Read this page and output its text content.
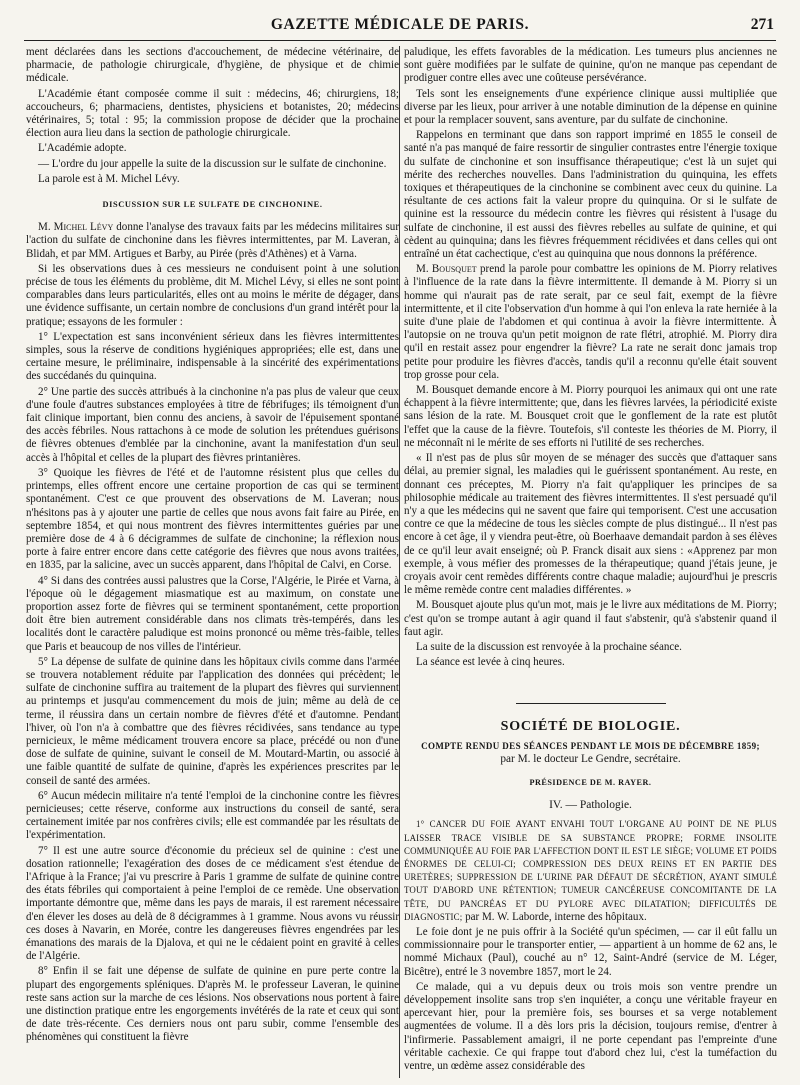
GAZETTE MÉDICALE DE PARIS.	271

ment déclarées dans les sections d'accouchement, de médecine vétérinaire, de pharmacie, de pathologie chirurgicale, d'hygiène, de physique et de chimie médicale.

L'Académie étant composée comme il suit : médecins, 46; chirurgiens, 18; accoucheurs, 6; pharmaciens, dentistes, physiciens et botanistes, 20; médecins vétérinaires, 5; total : 95; la commission propose de décider que la prochaine élection aura lieu dans la section de pathologie chirurgicale.

L'Académie adopte.

— L'ordre du jour appelle la suite de la discussion sur le sulfate de cinchonine.

La parole est à M. Michel Lévy.

DISCUSSION SUR LE SULFATE DE CINCHONINE.

M. Michel Lévy donne l'analyse des travaux faits par les médecins militaires sur l'action du sulfate de cinchonine dans les fièvres intermittentes, par M. Laveran, à Blidah, et par MM. Artigues et Barby, au Pirée (près d'Athènes) et à Varna.

Si les observations dues à ces messieurs ne conduisent point à une solution précise de tous les éléments du problème, dit M. Michel Lévy, si elles ne sont point comparables dans leurs particularités, elles ont au moins le mérite de dégager, dans une évidence suffisante, un certain nombre de conclusions d'un grand intérêt pour la pratique; essayons de les formuler :

1° L'expectation est sans inconvénient sérieux dans les fièvres intermittentes simples, sous la réserve de conditions hygiéniques appropriées; elle est, dans une certaine mesure, le préliminaire, indispensable à la sincérité des expérimentations des succédanés du quinquina.

2° Une partie des succès attribués à la cinchonine n'a pas plus de valeur que ceux d'une foule d'autres substances employées à titre de fébrifuges; ils témoignent d'un fait clinique important, bien connu des anciens, à savoir de l'épuisement spontané des accès fébriles. Nous rattachons à ce mode de solution les prétendues guérisons de fièvres obtenues d'emblée par la cinchonine, avant la manifestation d'un seul accès à l'hôpital et celles de la plupart des fièvres printanières.

3° Quoique les fièvres de l'été et de l'automne résistent plus que celles du printemps, elles offrent encore une certaine proportion de cas qui se terminent spontanément. C'est ce que prouvent des observations de M. Laveran; nous n'hésitons pas à y ajouter une partie de celles que nous avons fait faire au Pirée, en septembre 1854, et qui nous montrent des fièvres intermittentes guéries par une première dose de 4 à 6 décigrammes de sulfate de cinchonine; la réflexion nous porte à faire entrer encore dans cette catégorie des fièvres que nous avons traitées, en 1835, par la salicine, avec un succès apparent, dans l'hôpital de Calvi, en Corse.

4° Si dans des contrées aussi palustres que la Corse, l'Algérie, le Pirée et Varna, à l'époque où le dégagement miasmatique est au maximum, on constate une proportion assez forte de fièvres qui se terminent spontanément, cette proportion doit être bien autrement considérable dans nos climats très-tempérés, dans les localités dont le caractère paludique est moins prononcé ou même très-faible, telles que Paris et beaucoup de nos villes de l'intérieur.

5° La dépense de sulfate de quinine dans les hôpitaux civils comme dans l'armée se trouvera notablement réduite par l'application des données qui précèdent; le sulfate de cinchonine suffira au traitement de la plupart des fièvres qui surviennent au printemps et jusqu'au commencement du mois de juin; même au delà de ce terme, il réussira dans un certain nombre de fièvres d'été et d'automne. Pendant l'hiver, où l'on n'a à combattre que des fièvres récidivées, sans tendance au type pernicieux, le même médicament trouvera encore sa place, précédé ou non d'une dose de sulfate de quinine, suivant le conseil de M. Moutard-Martin, ou associé à une faible quantité de sulfate de quinine, d'après les expériences prescrites par le conseil de santé des armées.

6° Aucun médecin militaire n'a tenté l'emploi de la cinchonine contre les fièvres pernicieuses; cette réserve, conforme aux instructions du conseil de santé, sera certainement imitée par nos confrères civils; elle est commandée par les résultats de l'expérimentation.

7° Il est une autre source d'économie du précieux sel de quinine : c'est une dosation rationnelle; l'exagération des doses de ce médicament s'est étendue de l'Afrique à la France; j'ai vu prescrire à Paris 1 gramme de sulfate de quinine contre des états fébriles qui comportaient à peine l'emploi de ce remède. Une observation importante démontre que, même dans les pays de marais, il est rarement nécessaire d'en élever les doses au delà de 8 décigrammes à 1 gramme. Nous avons vu réussir ces doses à Navarin, en Morée, contre les dangereuses fièvres engendrées par les émanations des marais de la Djalova, et qui ne le cédaient point en gravité à celles de l'Algérie.

8° Enfin il se fait une dépense de sulfate de quinine en pure perte contre la plupart des engorgements spléniques. D'après M. le professeur Laveran, le quinine reste sans action sur la marche de ces lésions. Nos observations nous portent à faire une distinction pratique entre les engorgements invétérés de la rate et ceux qui sont de date très-récente. Ces derniers nous ont paru subir, comme l'ensemble des phénomènes qui constituent la fièvre

paludique, les effets favorables de la médication. Les tumeurs plus anciennes ne sont guère modifiées par le sulfate de quinine, qu'on ne manque pas cependant de prodiguer contre elles avec une coûteuse persévérance.

Tels sont les enseignements d'une expérience clinique aussi multipliée que diverse par les lieux, pour arriver à une notable diminution de la dépense en quinine et pour la remplacer souvent, sans aventure, par du sulfate de cinchonine.

Rappelons en terminant que dans son rapport imprimé en 1855 le conseil de santé n'a pas manqué de faire ressortir de singulier contrastes entre l'énergie toxique du sulfate de cinchonine et son insuffisance thérapeutique; c'est là un sujet qui mérite des recherches nouvelles. Dans l'administration du quinquina, les effets toxiques et thérapeutiques de la cinchonine se combinent avec ceux du quinine. La résultante de ces actions fait la valeur propre du quinquina. Or si le sulfate de quinine est la ressource du médecin contre les fièvres qui résistent à l'usage du sulfate de cinchonine, il est aussi des fièvres rebelles au sulfate de quinine, et qui cèdent au quinquina; dans les fièvres fréquemment récidivées et dans celles qui ont entraîné un état cachectique, c'est au quinquina que nous donnons la préférence.

M. Bousquet prend la parole pour combattre les opinions de M. Piorry relatives à l'influence de la rate dans la fièvre intermittente. Il demande à M. Piorry si un homme qui n'aurait pas de rate serait, par ce seul fait, exempt de la fièvre intermittente, et il cite l'observation d'un homme à qui l'on enleva la rate herniée à la suite d'une plaie de l'abdomen et qui continua à avoir la fièvre intermittente. À l'autopsie on ne trouva qu'un petit moignon de rate flétri, atrophié. M. Piorry dira qu'il en restait assez pour engendrer la fièvre? La rate ne serait donc jamais trop petite pour produire les fièvres d'accès, tandis qu'il a reconnu qu'elle était souvent trop grosse pour cela.

M. Bousquet demande encore à M. Piorry pourquoi les animaux qui ont une rate échappent à la fièvre intermittente; que, dans les fièvres larvées, la périodicité existe sans lésion de la rate. M. Bousquet croit que le gonflement de la rate est plutôt l'effet que la cause de la fièvre. Toutefois, s'il conteste les théories de M. Piorry, il ne méconnaît ni le mérite de ses efforts ni l'utilité de ses recherches.

« Il n'est pas de plus sûr moyen de se ménager des succès que d'attaquer sans délai, au premier signal, les maladies qui le guérissent spontanément. Au reste, en donnant ces préceptes, M. Piorry n'a fait qu'appliquer les principes de sa philosophie médicale au traitement des fièvres intermittentes. Il s'est persuadé qu'il n'y a que les médecins qui ne savent que faire qui temporisent. C'est une accusation contre ce que la médecine de tous les siècles compte de plus distingué... Il n'est pas encore à cet âge, il y viendra peut-être, où Boerhaave demandait pardon à ses élèves de ce qu'il leur avait enseigné; où P. Franck disait aux siens : «Apprenez par mon exemple, à vous méfier des promesses de la thérapeutique; quand j'étais jeune, je croyais avoir cent remèdes différents contre chaque maladie; aujourd'hui je prescris le même remède contre cent maladies différentes. »

M. Bousquet ajoute plus qu'un mot, mais je le livre aux méditations de M. Piorry; c'est qu'on se trompe autant à agir quand il faut s'abstenir, qu'à s'abstenir quand il faut agir.

La suite de la discussion est renvoyée à la prochaine séance.

La séance est levée à cinq heures.

SOCIÉTÉ DE BIOLOGIE.

COMPTE RENDU DES SÉANCES PENDANT LE MOIS DE DÉCEMBRE 1859;

par M. le docteur Le Gendre, secrétaire.

PRÉSIDENCE DE M. RAYER.

IV. — Pathologie.

1° CANCER DU FOIE AYANT ENVAHI TOUT L'ORGANE AU POINT DE NE PLUS LAISSER TRACE VISIBLE DE SA SUBSTANCE PROPRE; FORME INSOLITE COMMUNIQUÉE AU FOIE PAR L'AFFECTION DONT IL EST LE SIÈGE; VOLUME ET POIDS ÉNORMES DE CELUI-CI; COMPRESSION DES DEUX REINS ET EN PARTIE DES URETÈRES; SUPPRESSION DE L'URINE PAR DÉFAUT DE SÉCRÉTION, AYANT SIMULÉ TOUT D'ABORD UNE RÉTENTION; TUMEUR CANCÉREUSE CONCOMITANTE DE LA TÊTE, DU PANCRÉAS ET DU PYLORE AVEC DILATATION; DIFFICULTÉS DE DIAGNOSTIC; par M. W. Laborde, interne des hôpitaux.

Le foie dont je ne puis offrir à la Société qu'un spécimen, — car il eût fallu un commissionnaire pour le transporter entier, — appartient à un homme de 62 ans, le nommé Michaux (Paul), couché au n° 12, Saint-André (service de M. Léger, Bicêtre), entré le 3 novembre 1857, mort le 24.

Ce malade, qui a vu depuis deux ou trois mois son ventre prendre un développement insolite sans trop s'en inquiéter, a conçu une véritable frayeur en apercevant hier, pour la première fois, ses bourses et sa verge notablement augmentées de volume. Il a dès lors pris la décision, toujours remise, d'entrer à l'infirmerie. Passablement amaigri, il ne porte cependant pas l'empreinte d'une véritable cachexie. Ce qui frappe tout d'abord chez lui, c'est la tuméfaction du ventre, un œdème assez considérable des
